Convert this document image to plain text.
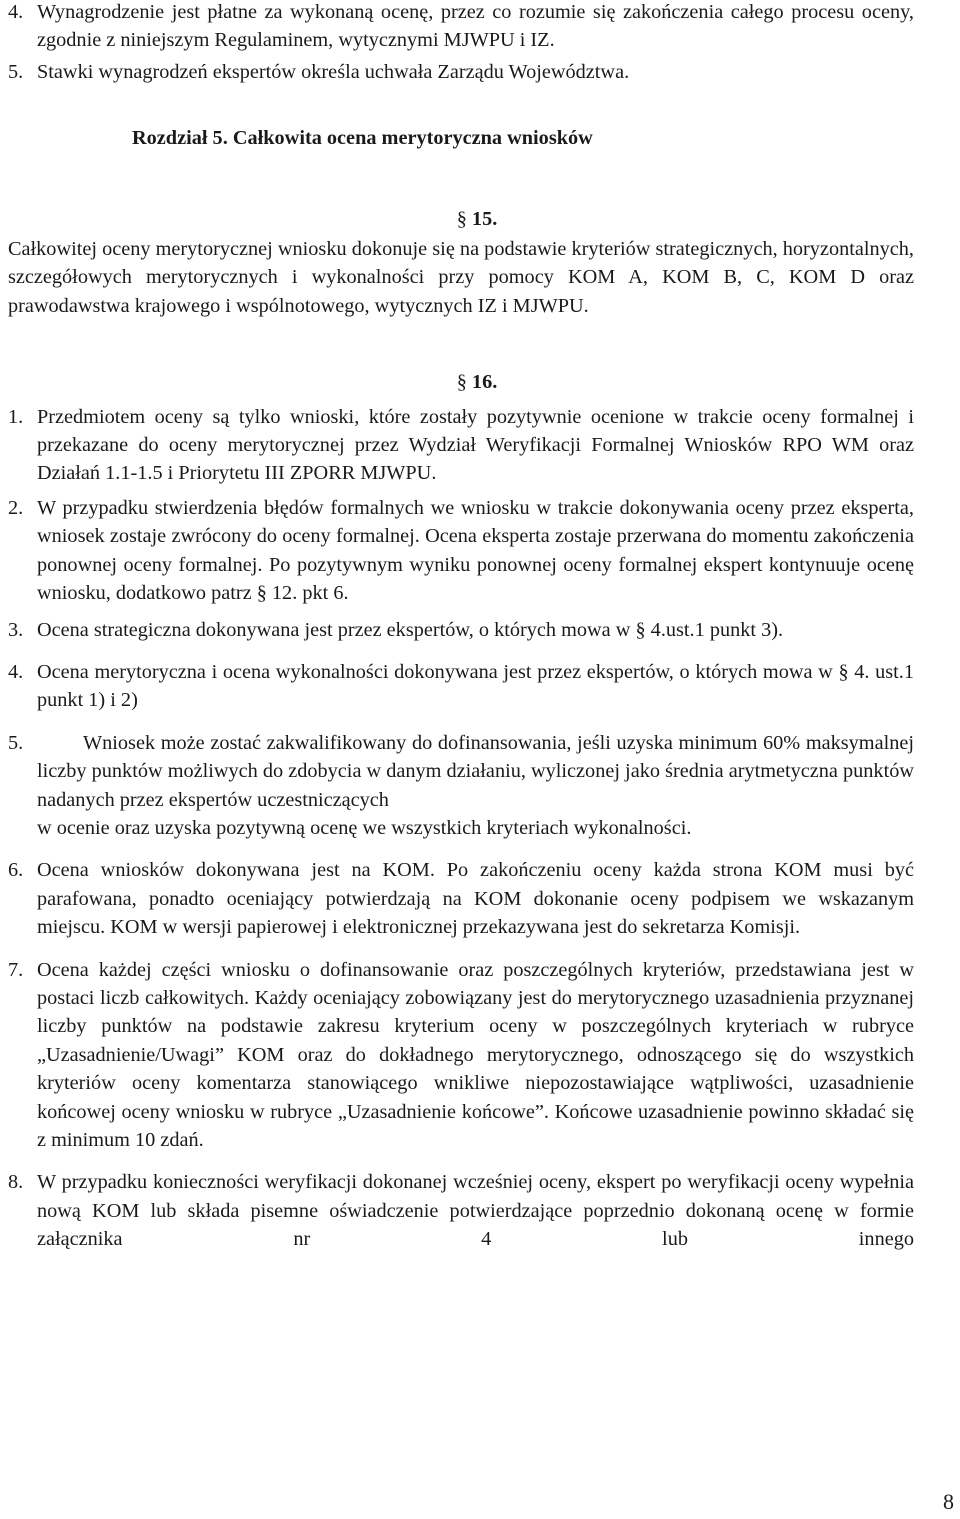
4. Wynagrodzenie jest płatne za wykonaną ocenę, przez co rozumie się zakończenia całego procesu oceny, zgodnie z niniejszym Regulaminem, wytycznymi MJWPU i IZ.
5. Stawki wynagrodzeń ekspertów określa uchwała Zarządu Województwa.
Rozdział 5. Całkowita ocena merytoryczna wniosków
§ 15.
Całkowitej oceny merytorycznej wniosku dokonuje się na podstawie kryteriów strategicznych, horyzontalnych, szczegółowych merytorycznych i wykonalności przy pomocy KOM A, KOM B, C, KOM D oraz prawodawstwa krajowego i wspólnotowego, wytycznych IZ i MJWPU.
§ 16.
1. Przedmiotem oceny są tylko wnioski, które zostały pozytywnie ocenione w trakcie oceny formalnej i przekazane do oceny merytorycznej przez Wydział Weryfikacji Formalnej Wniosków RPO WM oraz Działań 1.1-1.5 i Priorytetu III ZPORR MJWPU.
2. W przypadku stwierdzenia błędów formalnych we wniosku w trakcie dokonywania oceny przez eksperta, wniosek zostaje zwrócony do oceny formalnej. Ocena eksperta zostaje przerwana do momentu zakończenia ponownej oceny formalnej. Po pozytywnym wyniku ponownej oceny formalnej ekspert kontynuuje ocenę wniosku, dodatkowo patrz § 12. pkt 6.
3. Ocena strategiczna dokonywana jest przez ekspertów, o których mowa w § 4.ust.1 punkt 3).
4. Ocena merytoryczna i ocena wykonalności dokonywana jest przez ekspertów, o których mowa w § 4. ust.1 punkt 1) i 2)
5.	Wniosek może zostać zakwalifikowany do dofinansowania, jeśli uzyska minimum 60% maksymalnej liczby punktów możliwych do zdobycia w danym działaniu, wyliczonej jako średnia arytmetyczna punktów nadanych przez ekspertów uczestniczących
w ocenie oraz uzyska pozytywną ocenę we wszystkich kryteriach wykonalności.
6. Ocena wniosków dokonywana jest na KOM. Po zakończeniu oceny każda strona KOM musi być parafowana, ponadto oceniający potwierdzają na KOM dokonanie oceny podpisem we wskazanym miejscu. KOM w wersji papierowej i elektronicznej przekazywana jest do sekretarza Komisji.
7. Ocena każdej części wniosku o dofinansowanie oraz poszczególnych kryteriów, przedstawiana jest w postaci liczb całkowitych. Każdy oceniający zobowiązany jest do merytorycznego uzasadnienia przyznanej liczby punktów na podstawie zakresu kryterium oceny w poszczególnych kryteriach w rubryce „Uzasadnienie/Uwagi” KOM oraz do dokładnego merytorycznego, odnoszącego się do wszystkich kryteriów oceny komentarza stanowiącego wnikliwe niepozostawiające wątpliwości, uzasadnienie końcowej oceny wniosku w rubryce „Uzasadnienie końcowe”. Końcowe uzasadnienie powinno składać się z minimum 10 zdań.
8. W przypadku konieczności weryfikacji dokonanej wcześniej oceny, ekspert po weryfikacji oceny wypełnia nową KOM lub składa pisemne oświadczenie potwierdzające poprzednio dokonaną ocenę w formie załącznika nr 4 lub innego
8
